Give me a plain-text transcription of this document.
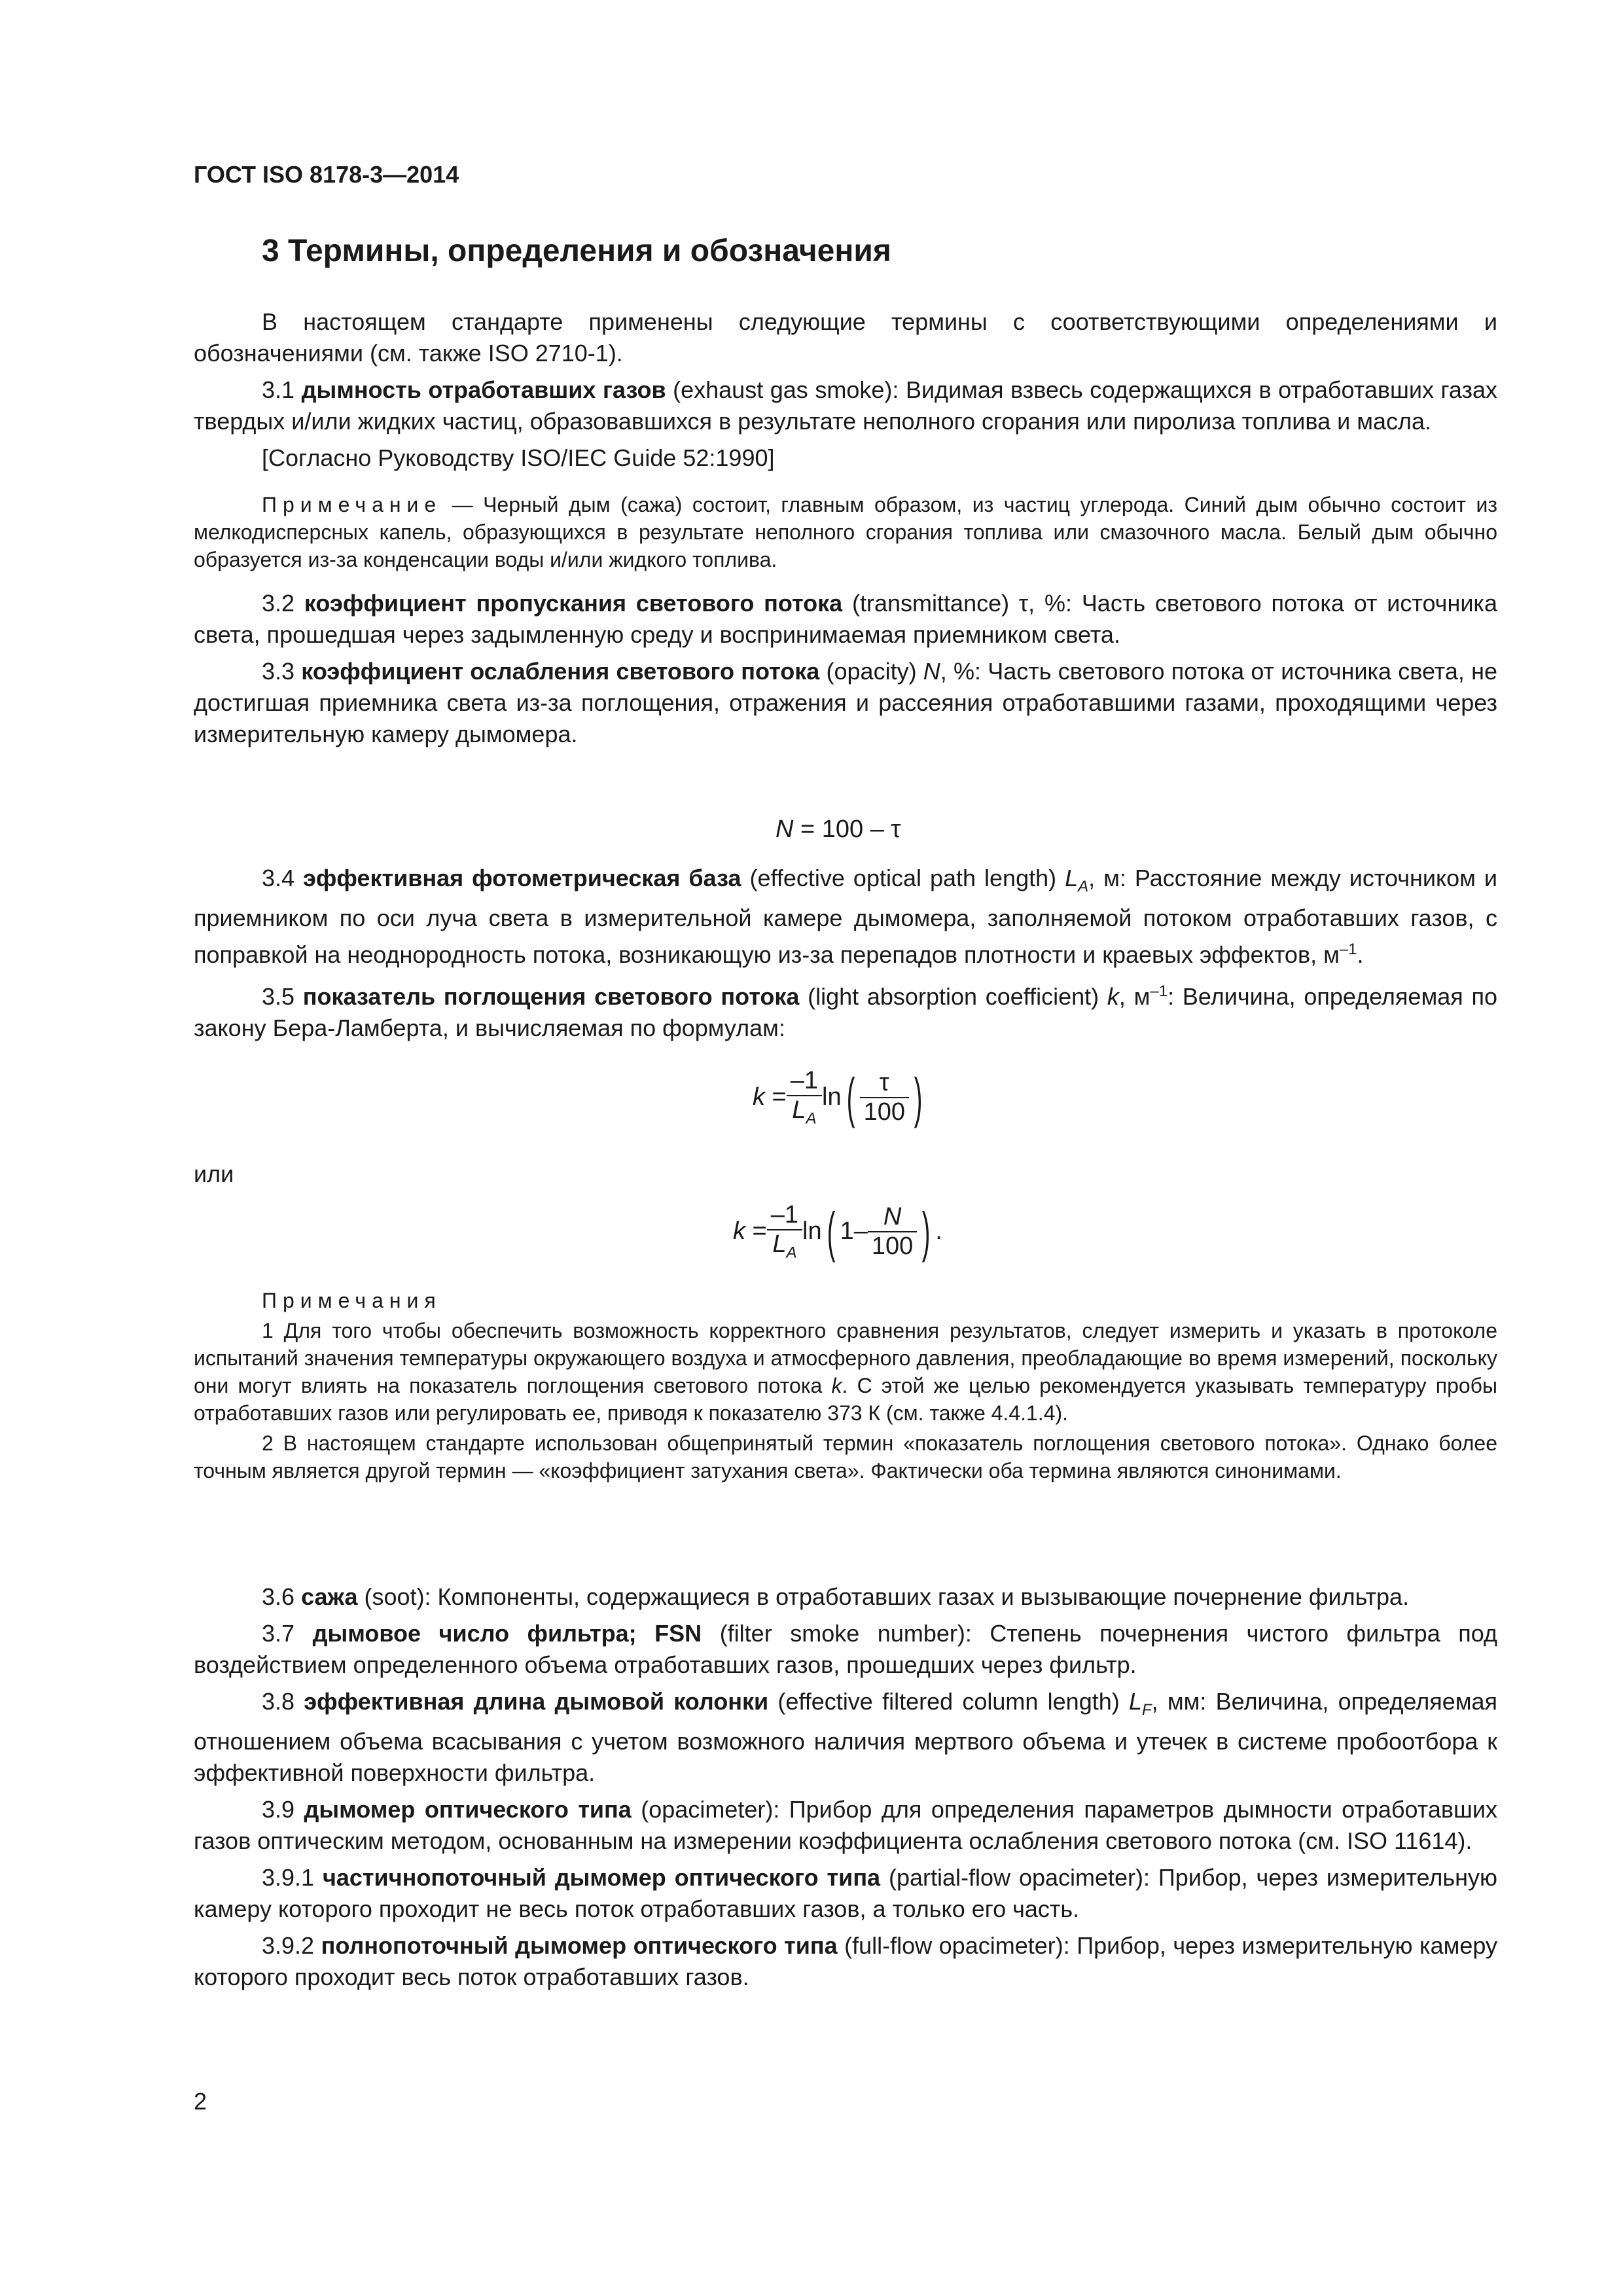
ГОСТ ISO 8178-3—2014
3 Термины, определения и обозначения

В настоящем стандарте применены следующие термины с соответствующими определениями и обозначениями (см. также ISO 2710-1).

3.1 дымность отработавших газов (exhaust gas smoke): Видимая взвесь содержащихся в отработавших газах твердых и/или жидких частиц, образовавшихся в результате неполного сгорания или пиролиза топлива и масла.

[Согласно Руководству ISO/IEC Guide 52:1990]

Примечание — Черный дым (сажа) состоит, главным образом, из частиц углерода. Синий дым обычно состоит из мелкодисперсных капель, образующихся в результате неполного сгорания топлива или смазочного масла. Белый дым обычно образуется из-за конденсации воды и/или жидкого топлива.

3.2 коэффициент пропускания светового потока (transmittance) τ, %: Часть светового потока от источника света, прошедшая через задымленную среду и воспринимаемая приемником света.

3.3 коэффициент ослабления светового потока (opacity) N, %: Часть светового потока от источника света, не достигшая приемника света из-за поглощения, отражения и рассеяния отработавшими газами, проходящими через измерительную камеру дымомера.

N = 100 – τ

3.4 эффективная фотометрическая база (effective optical path length) $L_A$, м: Расстояние между источником и приемником по оси луча света в измерительной камере дымомера, заполняемой потоком отработавших газов, с поправкой на неоднородность потока, возникающую из-за перепадов плотности и краевых эффектов, $м^{-1}$.

3.5 показатель поглощения светового потока (light absorption coefficient) k, $м^{-1}$: Величина, определяемая по закону Бера-Ламберта, и вычисляемая по формулам:

$k = \frac{-1}{L_A} \ln( \frac{\tau}{100}$ )
или
$k = \frac{-1}{L_A} \ln$( $1- \frac{N}{100}$ ).

Примечания

1 Для того чтобы обеспечить возможность корректного сравнения результатов, следует измерить и указать в протоколе испытаний значения температуры окружающего воздуха и атмосферного давления, преобладающие во время измерений, поскольку они могут влиять на показатель поглощения светового потока k. С этой же целью рекомендуется указывать температуру пробы отработавших газов или регулировать ее, приводя к показателю 373 К (см. также 4.4.1.4).

2 В настоящем стандарте использован общепринятый термин «показатель поглощения светового потока». Однако более точным является другой термин — «коэффициент затухания света». Фактически оба термина являются синонимами.

3.6 сажа (soot): Компоненты, содержащиеся в отработавших газах и вызывающие почернение фильтра.

3.7 дымовое число фильтра; FSN (filter smoke number): Степень почернения чистого фильтра под воздействием определенного объема отработавших газов, прошедших через фильтр.

3.8 эффективная длина дымовой колонки (effective filtered column length) $L_F$, мм: Величина, определяемая отношением объема всасывания с учетом возможного наличия мертвого объема и утечек в системе пробоотбора к эффективной поверхности фильтра.

3.9 дымомер оптического типа (opacimeter): Прибор для определения параметров дымности отработавших газов оптическим методом, основанным на измерении коэффициента ослабления светового потока (см. ISO 11614).

3.9.1 частичнопоточный дымомер оптического типа (partial-flow opacimeter): Прибор, через измерительную камеру которого проходит не весь поток отработавших газов, а только его часть.

3.9.2 полнопоточный дымомер оптического типа (full-flow opacimeter): Прибор, через измерительную камеру которого проходит весь поток отработавших газов.

2
